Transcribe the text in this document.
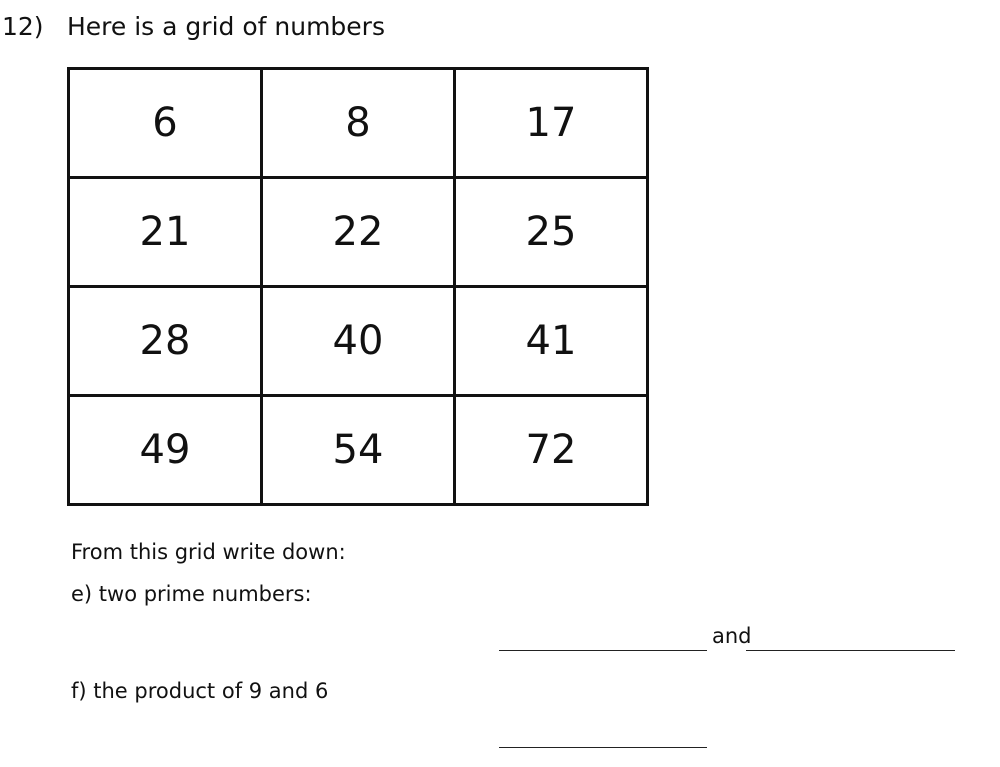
12) Here is a grid of numbers
6	8	17
21	22	25
28	40	41
49	54	72
From this grid write down:
e) two prime numbers:
and
f) the product of 9 and 6
